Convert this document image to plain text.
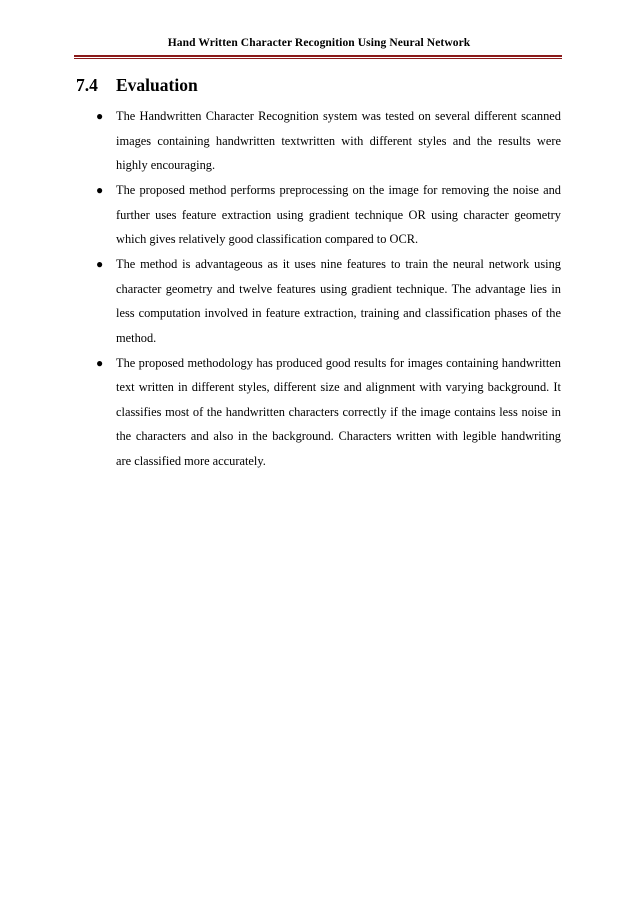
Hand Written Character Recognition Using Neural Network
7.4 Evaluation
● The Handwritten Character Recognition system was tested on several different scanned images containing handwritten textwritten with different styles and the results were highly encouraging.
● The proposed method performs preprocessing on the image for removing the noise and further uses feature extraction using gradient technique OR using character geometry which gives relatively good classification compared to OCR.
● The method is advantageous as it uses nine features to train the neural network using character geometry and twelve features using gradient technique. The advantage lies in less computation involved in feature extraction, training and classification phases of the method.
● The proposed methodology has produced good results for images containing handwritten text written in different styles, different size and alignment with varying background. It classifies most of the handwritten characters correctly if the image contains less noise in the characters and also in the background. Characters written with legible handwriting are classified more accurately.
